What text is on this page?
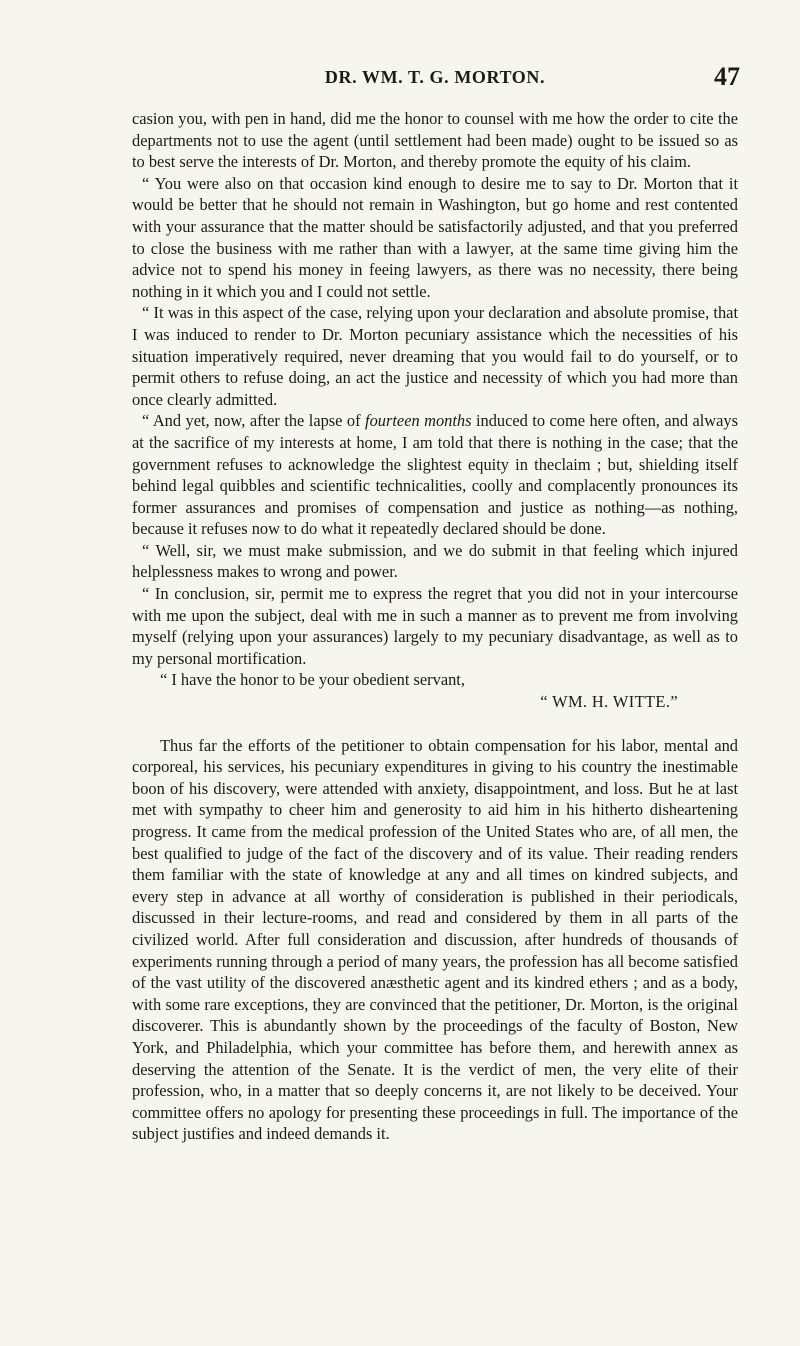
DR. WM. T. G. MORTON.	47

casion you, with pen in hand, did me the honor to counsel with me how the order to cite the departments not to use the agent (until settlement had been made) ought to be issued so as to best serve the interests of Dr. Morton, and thereby promote the equity of his claim.

“ You were also on that occasion kind enough to desire me to say to Dr. Morton that it would be better that he should not remain in Washington, but go home and rest contented with your assurance that the matter should be satisfactorily adjusted, and that you preferred to close the business with me rather than with a lawyer, at the same time giving him the advice not to spend his money in feeing lawyers, as there was no necessity, there being nothing in it which you and I could not settle.

“ It was in this aspect of the case, relying upon your declaration and absolute promise, that I was induced to render to Dr. Morton pecuniary assistance which the necessities of his situation imperatively required, never dreaming that you would fail to do yourself, or to permit others to refuse doing, an act the justice and necessity of which you had more than once clearly admitted.

“ And yet, now, after the lapse of fourteen months induced to come here often, and always at the sacrifice of my interests at home, I am told that there is nothing in the case; that the government refuses to acknowledge the slightest equity in theclaim ; but, shielding itself behind legal quibbles and scientific technicalities, coolly and complacently pronounces its former assurances and promises of compensation and justice as nothing—as nothing, because it refuses now to do what it repeatedly declared should be done.

“ Well, sir, we must make submission, and we do submit in that feeling which injured helplessness makes to wrong and power.

“ In conclusion, sir, permit me to express the regret that you did not in your intercourse with me upon the subject, deal with me in such a manner as to prevent me from involving myself (relying upon your assurances) largely to my pecuniary disadvantage, as well as to my personal mortification.

“ I have the honor to be your obedient servant,

“ WM. H. WITTE.”

Thus far the efforts of the petitioner to obtain compensation for his labor, mental and corporeal, his services, his pecuniary expenditures in giving to his country the inestimable boon of his discovery, were attended with anxiety, disappointment, and loss. But he at last met with sympathy to cheer him and generosity to aid him in his hitherto disheartening progress. It came from the medical profession of the United States who are, of all men, the best qualified to judge of the fact of the discovery and of its value. Their reading renders them familiar with the state of knowledge at any and all times on kindred subjects, and every step in advance at all worthy of consideration is published in their periodicals, discussed in their lecture-rooms, and read and considered by them in all parts of the civilized world. After full consideration and discussion, after hundreds of thousands of experiments running through a period of many years, the profession has all become satisfied of the vast utility of the discovered anæsthetic agent and its kindred ethers ; and as a body, with some rare exceptions, they are convinced that the petitioner, Dr. Morton, is the original discoverer. This is abundantly shown by the proceedings of the faculty of Boston, New York, and Philadelphia, which your committee has before them, and herewith annex as deserving the attention of the Senate. It is the verdict of men, the very elite of their profession, who, in a matter that so deeply concerns it, are not likely to be deceived. Your committee offers no apology for presenting these proceedings in full. The importance of the subject justifies and indeed demands it.
